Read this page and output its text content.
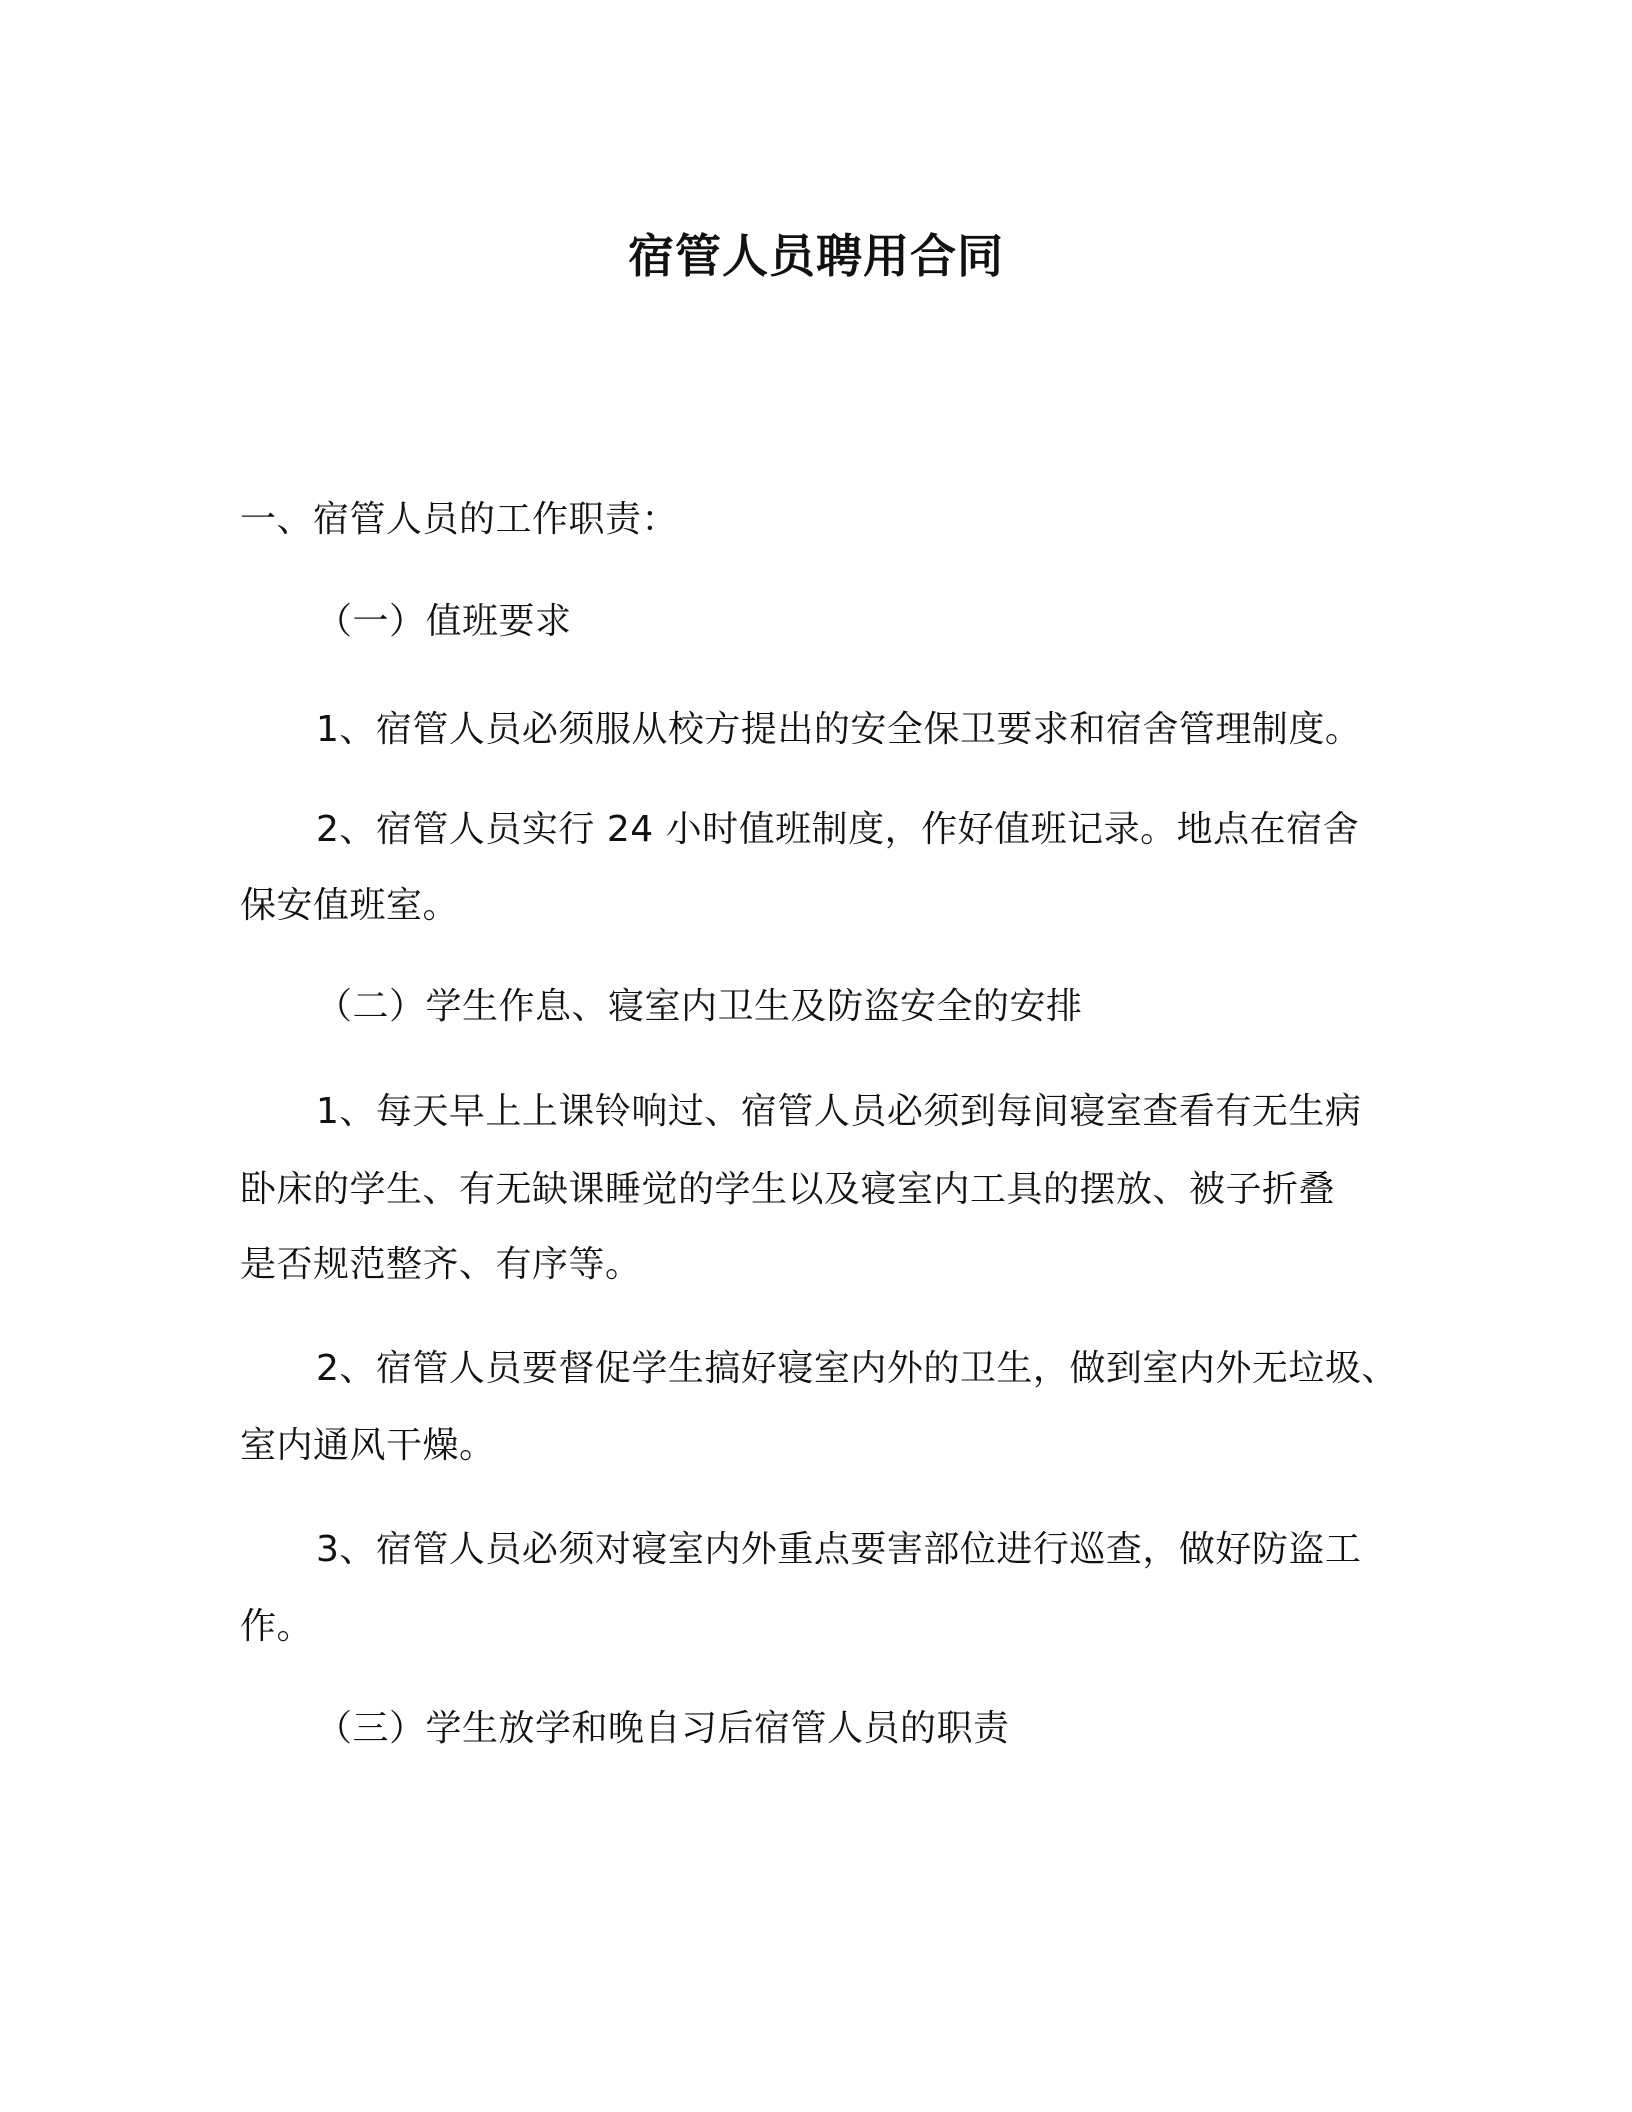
宿管人员聘用合同
一、宿管人员的工作职责：
（一）值班要求
1、宿管人员必须服从校方提出的安全保卫要求和宿舍管理制度。
2、宿管人员实行 24 小时值班制度，作好值班记录。地点在宿舍
保安值班室。
（二）学生作息、寝室内卫生及防盗安全的安排
1、每天早上上课铃响过、宿管人员必须到每间寝室查看有无生病
卧床的学生、有无缺课睡觉的学生以及寝室内工具的摆放、被子折叠
是否规范整齐、有序等。
2、宿管人员要督促学生搞好寝室内外的卫生，做到室内外无垃圾、
室内通风干燥。
3、宿管人员必须对寝室内外重点要害部位进行巡查，做好防盗工
作。
（三）学生放学和晚自习后宿管人员的职责
